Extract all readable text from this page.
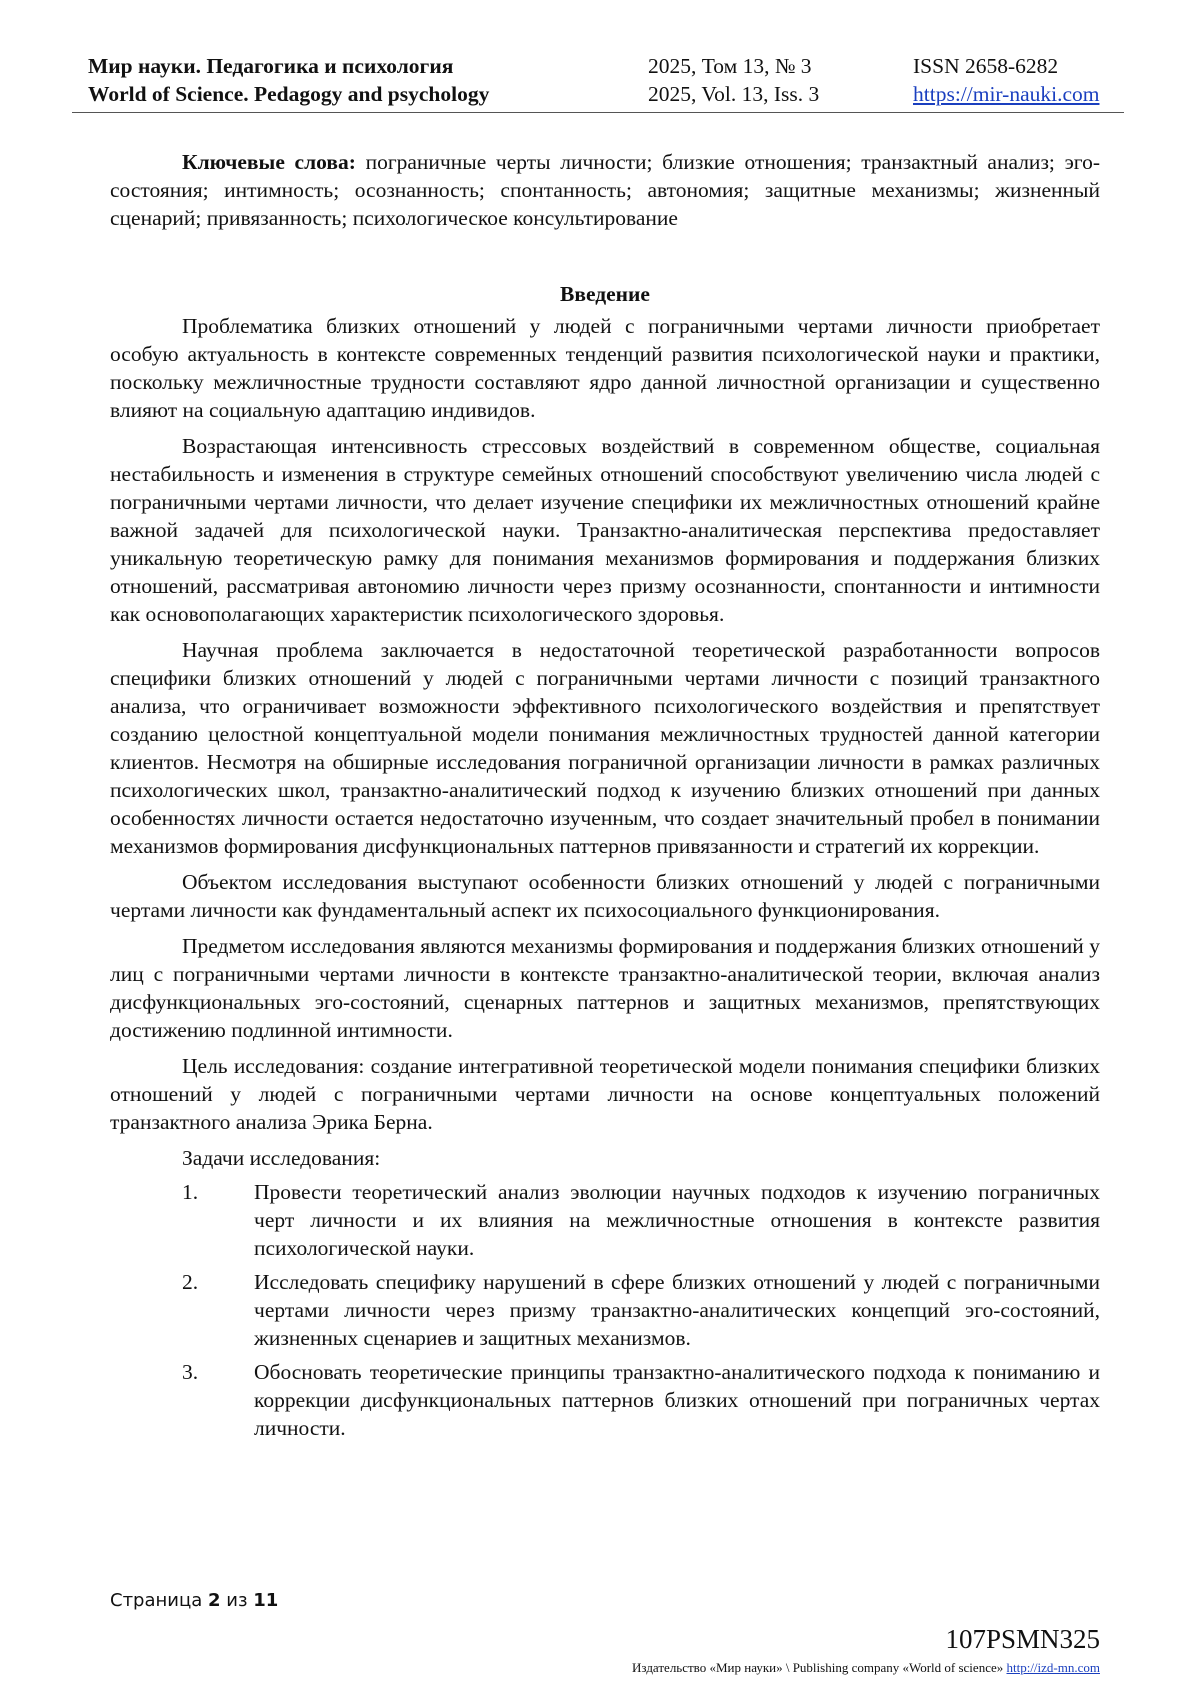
Мир науки. Педагогика и психология
World of Science. Pedagogy and psychology
2025, Том 13, № 3
2025, Vol. 13, Iss. 3
ISSN 2658-6282
https://mir-nauki.com

Ключевые слова: пограничные черты личности; близкие отношения; транзактный анализ; эго-состояния; интимность; осознанность; спонтанность; автономия; защитные механизмы; жизненный сценарий; привязанность; психологическое консультирование

Введение

Проблематика близких отношений у людей с пограничными чертами личности приобретает особую актуальность в контексте современных тенденций развития психологической науки и практики, поскольку межличностные трудности составляют ядро данной личностной организации и существенно влияют на социальную адаптацию индивидов.

Возрастающая интенсивность стрессовых воздействий в современном обществе, социальная нестабильность и изменения в структуре семейных отношений способствуют увеличению числа людей с пограничными чертами личности, что делает изучение специфики их межличностных отношений крайне важной задачей для психологической науки. Транзактно-аналитическая перспектива предоставляет уникальную теоретическую рамку для понимания механизмов формирования и поддержания близких отношений, рассматривая автономию личности через призму осознанности, спонтанности и интимности как основополагающих характеристик психологического здоровья.

Научная проблема заключается в недостаточной теоретической разработанности вопросов специфики близких отношений у людей с пограничными чертами личности с позиций транзактного анализа, что ограничивает возможности эффективного психологического воздействия и препятствует созданию целостной концептуальной модели понимания межличностных трудностей данной категории клиентов. Несмотря на обширные исследования пограничной организации личности в рамках различных психологических школ, транзактно-аналитический подход к изучению близких отношений при данных особенностях личности остается недостаточно изученным, что создает значительный пробел в понимании механизмов формирования дисфункциональных паттернов привязанности и стратегий их коррекции.

Объектом исследования выступают особенности близких отношений у людей с пограничными чертами личности как фундаментальный аспект их психосоциального функционирования.

Предметом исследования являются механизмы формирования и поддержания близких отношений у лиц с пограничными чертами личности в контексте транзактно-аналитической теории, включая анализ дисфункциональных эго-состояний, сценарных паттернов и защитных механизмов, препятствующих достижению подлинной интимности.

Цель исследования: создание интегративной теоретической модели понимания специфики близких отношений у людей с пограничными чертами личности на основе концептуальных положений транзактного анализа Эрика Берна.

Задачи исследования:

1.	Провести теоретический анализ эволюции научных подходов к изучению пограничных черт личности и их влияния на межличностные отношения в контексте развития психологической науки.
2.	Исследовать специфику нарушений в сфере близких отношений у людей с пограничными чертами личности через призму транзактно-аналитических концепций эго-состояний, жизненных сценариев и защитных механизмов.
3.	Обосновать теоретические принципы транзактно-аналитического подхода к пониманию и коррекции дисфункциональных паттернов близких отношений при пограничных чертах личности.
Страница 2 из 11
107PSMN325
Издательство «Мир науки» \ Publishing company «World of science» http://izd-mn.com
